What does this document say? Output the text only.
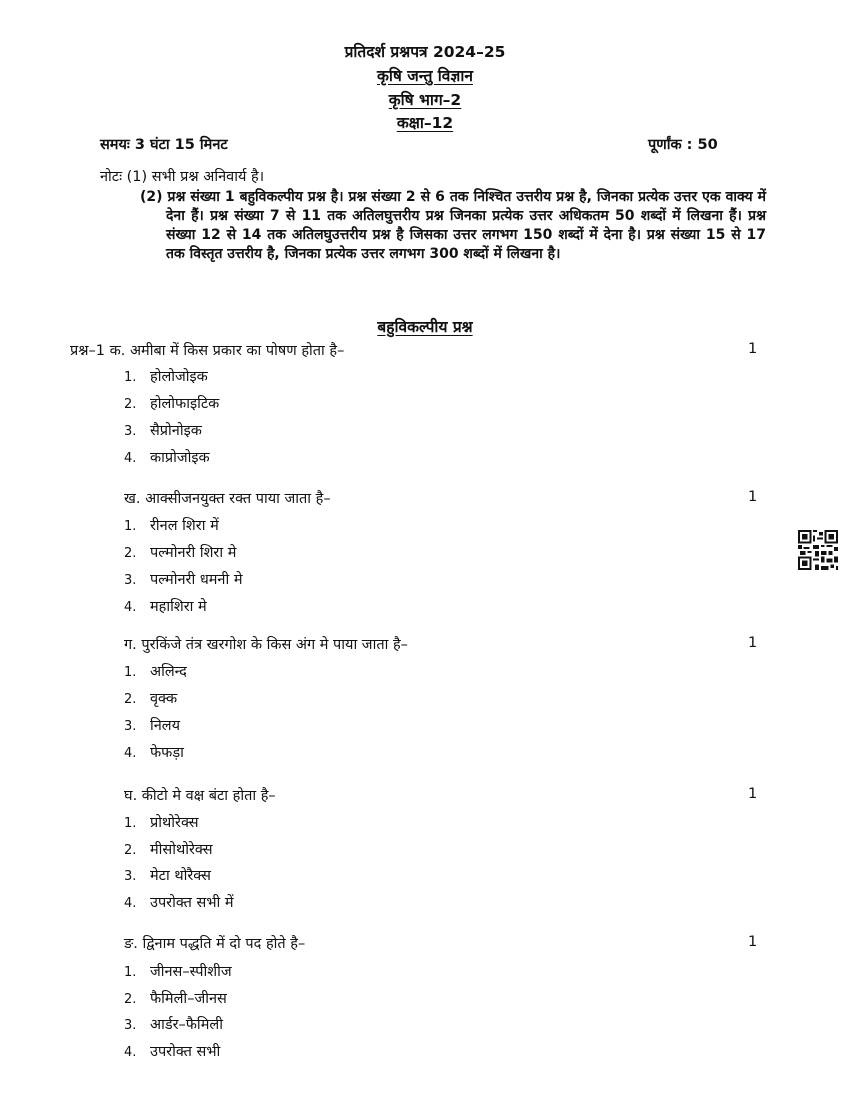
प्रतिदर्श प्रश्नपत्र 2024–25
कृषि जन्तु विज्ञान
कृषि भाग–2
कक्षा–12
समयः 3 घंटा 15 मिनट	पूर्णांक : 50
नोटः (1) सभी प्रश्न अनिवार्य है।
(2) प्रश्न संख्या 1 बहुविकल्पीय प्रश्न है। प्रश्न संख्या 2 से 6 तक निश्चित उत्तरीय प्रश्न है, जिनका प्रत्येक उत्तर एक वाक्य में देना हैं। प्रश्न संख्या 7 से 11 तक अतिलघुत्तरीय प्रश्न जिनका प्रत्येक उत्तर अधिकतम 50 शब्दों में लिखना हैं। प्रश्न संख्या 12 से 14 तक अतिलघुउत्तरीय प्रश्न है जिसका उत्तर लगभग 150 शब्दों में देना है। प्रश्न संख्या 15 से 17 तक विस्तृत उत्तरीय है, जिनका प्रत्येक उत्तर लगभग 300 शब्दों में लिखना है।
बहुविकल्पीय प्रश्न
प्रश्न–1 क. अमीबा में किस प्रकार का पोषण होता है–	1
1. होलोजोइक
2. होलोफाइटिक
3. सैप्रोनोइक
4. काप्रोजोइक
ख. आक्सीजनयुक्त रक्त पाया जाता है–	1
1. रीनल शिरा में
2. पल्मोनरी शिरा मे
3. पल्मोनरी धमनी मे
4. महाशिरा मे
ग. पुरकिंजे तंत्र खरगोश के किस अंग मे पाया जाता है–	1
1. अलिन्द
2. वृक्क
3. निलय
4. फेफड़ा
घ. कीटो मे वक्ष बंटा होता है–	1
1. प्रोथोरेक्स
2. मीसोथोरेक्स
3. मेटा थोरैक्स
4. उपरोक्त सभी में
ङ. द्विनाम पद्धति में दो पद होते है–	1
1. जीनस–स्पीशीज
2. फैमिली–जीनस
3. आर्डर–फैमिली
4. उपरोक्त सभी
